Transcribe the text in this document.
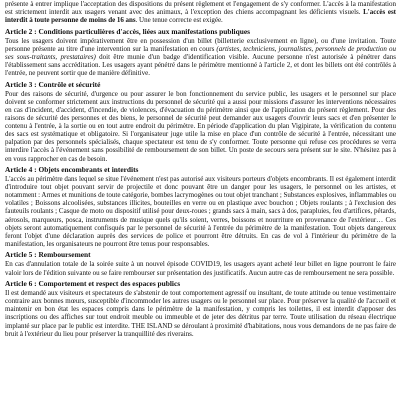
présente à entrer implique l'acceptation des dispositions du présent règlement et l'engagement de s'y conformer. L'accès à la manifestation est strictement interdit aux usagers venant avec des animaux, à l'exception des chiens accompagnant les déficients visuels. L'accès est interdit à toute personne de moins de 16 ans. Une tenue correcte est exigée.

Article 2 : Conditions particulières d'accès, liées aux manifestations publiques

Tous les usagers doivent impérativement être en possession d'un billet (billetterie exclusivement en ligne), ou d'une invitation. Toute personne présente au titre d'une intervention sur la manifestation en cours (artistes, techniciens, journalistes, personnels de production ou ses sous-traitants, prestataires) doit être munie d'un badge d'identification visible. Aucune personne n'est autorisée à pénétrer dans l'établissement sans accréditation. Les usagers ayant pénétré dans le périmètre mentionné à l'article 2, et dont les billets ont été contrôlés à l'entrée, ne peuvent sortir que de manière définitive.

Article 3 : Contrôle et sécurité

Pour des raisons de sécurité, d'urgence ou pour assurer le bon fonctionnement du service public, les usagers et le personnel sur place doivent se conformer strictement aux instructions du personnel de sécurité qui a aussi pour missions d'assurer les interventions nécessaires en cas d'incident, d'accident, d'incendie, de violences, d'évacuation du périmètre ainsi que de l'application du présent règlement. Pour des raisons de sécurité des personnes et des biens, le personnel de sécurité peut demander aux usagers d'ouvrir leurs sacs et d'en présenter le contenu à l'entrée, à la sortie ou en tout autre endroit du périmètre. En période d'application du plan Vigipirate, la vérification du contenu des sacs est systématique et obligatoire. Si l'organisateur juge utile la mise en place d'un contrôle de sécurité à l'entrée, nécessitant une palpation par des personnels spécialisés, chaque spectateur est tenu de s'y conformer. Toute personne qui refuse ces procédures se verra interdire l'accès à l'événement sans possibilité de remboursement de son billet. Un poste de secours sera présent sur le site. N'hésitez pas à en vous rapprocher en cas de besoin.

Article 4 : Objets encombrants et interdits

L'accès au périmètre dans lequel se situe l'événement n'est pas autorisé aux visiteurs porteurs d'objets encombrants. Il est également interdit d'introduire tout objet pouvant servir de projectile et donc pouvant être un danger pour les usagers, le personnel ou les artistes, et notamment : Armes et munitions de toute catégorie, bombes lacrymogènes ou tout objet tranchant ; Substances explosives, inflammables ou volatiles ; Boissons alcoolisées, substances illicites, bouteilles en verre ou en plastique avec bouchon ; Objets roulants ; à l'exclusion des fauteuils roulants ; Casque de moto ou dispositif utilisé pour deux-roues ; grands sacs à main, sacs à dos, parapluies, feu d'artifices, pétards, aérosols, marqueurs, posca, instruments de musique quels qu'ils soient, verres, boissons et nourriture en provenance de l'extérieur… Ces objets seront automatiquement confisqués par le personnel de sécurité à l'entrée du périmètre de la manifestation. Tout objets dangereux feront l'objet d'une déclaration auprès des services de police et pourront être détruits. En cas de vol à l'intérieur du périmètre de la manifestation, les organisateurs ne pourront être tenus pour responsables.

Article 5 : Remboursement

En cas d'annulation totale de la soirée suite à un nouvel épisode COVID19, les usagers ayant acheté leur billet en ligne pourront le faire valoir lors de l'édition suivante ou se faire rembourser sur présentation des justificatifs. Aucun autre cas de remboursement ne sera possible.

Article 6 : Comportement et respect des espaces publics

Il est demandé aux visiteurs et spectateurs de s'abstenir de tout comportement agressif ou insultant, de toute attitude ou tenue vestimentaire contraire aux bonnes mœurs, susceptible d'incommoder les autres usagers ou le personnel sur place. Pour préserver la qualité de l'accueil et maintenir en bon état les espaces compris dans le périmètre de la manifestation, y compris les toilettes, il est interdit d'apposer des inscriptions ou des affiches sur tout endroit meuble ou immeuble et de jeter des détritus par terre. Toute utilisation du réseau électrique implanté sur place par le public est interdite. THE ISLAND se déroulant à proximité d'habitations, nous vous demandons de ne pas faire de bruit à l'extérieur du lieu pour préserver la tranquillité des riverains.
